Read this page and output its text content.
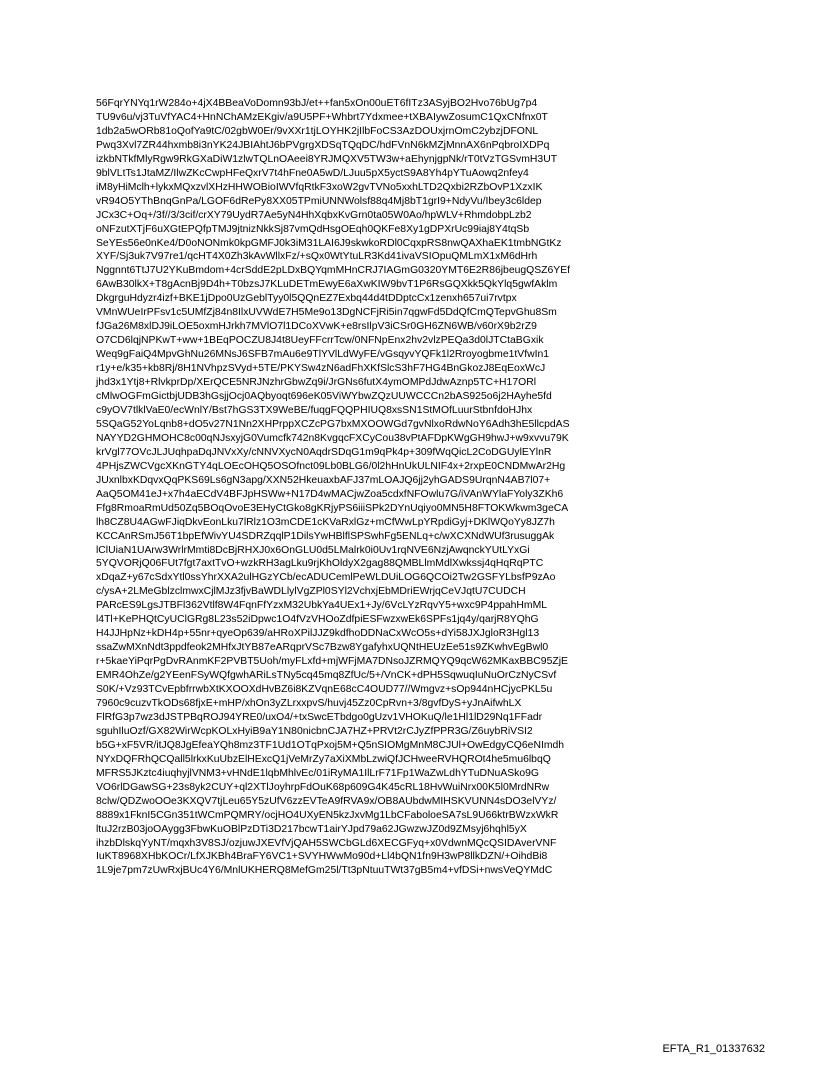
56FqrYNYq1rW284o+4jX4BBeaVoDomn93bJ/et++fan5xOn00uET6fITz3ASyjBO2Hvo76bUg7p4
TU9v6u/vj3TuVfYAC4+HnNChAMzEKgiv/a9U5PF+Whbrt7Ydxmee+tXBAIywZosumC1QxCNfnx0T
1db2a5wORb81oQofYa9tC/02gbW0Er/9vXXr1tjLOYHK2jIlbFoCS3AzDOUxjrnOmC2ybzjDFONL
Pwq3Xvl7ZR44hxmb8i3nYK24JBIAhtJ6bPVgrgXDSqTQqDC/hdFVnN6kMZjMnnAX6nPqbroIXDPq
izkbNTkfMlyRgw9RkGXaDiW1zlwTQLnOAeei8YRJMQXV5TW3w+aEhynjgpNk/rT0tVzTGSvmH3UT
9blVLtTs1JtaMZ/IlwZKcCwpHFeQxrV7t4hFne0A5wD/LJuu5pX5yctS9A8Yh4pYTuAowq2nfey4
iM8yHiMclh+lykxMQxzvlXHzHHWOBioIWVfqRtkF3xoW2gvTVNo5xxhLTD2Qxbi2RZbOvP1XzxIK
vR94O5YThBnqGnPa/LGOF6dRePy8XX05TPmiUNNWolsf88q4Mj8bT1grI9+NdyVu/Ibey3c6ldep
JCx3C+Oq+/3f//3/3cif/crXY79UydR7Ae5yN4HhXqbxKvGrn0ta05W0Ao/hpWLV+RhmdobpLzb2
oNFzutXTjF6uXGtEPQfpTMJ9jtnizNkkSj87vmQdHsgOEqh0QKFe8Xy1gDPXrUc99iaj8Y4tqSb
SeYEs56e0nKe4/D0oNONmk0kpGMFJ0k3iM31LAI6J9skwkoRDl0CqxpRS8nwQAXhaEK1tmbNGtKz
XYF/Sj3uk7V97re1/qcHT4X0Zh3kAvWllxFz/+sQx0WtYtuLR3Kd41ivaVSIOpuQMLmX1xM6dHrh
Nggnnt6TtJ7U2YKuBmdom+4crSddE2pLDxBQYqmMHnCRJ7IAGmG0320YMT6E2R86jbeugQSZ6YEf
6AwB30lkX+T8gAcnBj9D4h+T0bzsJ7KLuDETmEwyE6aXwKIW9bvT1P6RsGQXkk5QkYlq5gwfAklm
DkgrguHdyzr4izf+BKE1jDpo0UzGeblTyy0l5QQnEZ7Exbq44d4tDDptcCx1zenxh657ui7rvtpx
VMnWUeIrPFsv1c5UMfZj84n8IlxUVWdE7H5Me9o13DgNCFjRi5in7qgwFd5DdQfCmQTepvGhu8Sm
fJGa26M8xlDJ9iLOE5oxmHJrkh7MVlO7l1DCoXVwK+e8rsIlpV3iCSr0GH6ZN6WB/v60rX9b2rZ9
O7CD6lqjNPKwT+ww+1BEqPOCZU8J4t8UeyFFcrrTcw/0NFNpEnx2hv2vlzPEQa3d0lJTCtaBGxik
Weq9gFaiQ4MpvGhNu26MNsJ6SFB7mAu6e9TlYVlLdWyFE/vGsqyvYQFk1l2Rroyogbme1tVfwIn1
r1y+e/k35+kb8Rj/8H1NVhpzSVyd+5TE/PKYSw4zN6adFhXKfSlcS3hF7HG4BnGkozJ8EqEoxWcJ
jhd3x1Ytj8+RlvkprDp/XErQCE5NRJNzhrGbwZq9i/JrGNs6futX4ymOMPdJdwAznp5TC+H17ORl
cMlwOGFmGictbjUDB3hGsjjOcj0AQbyoqt696eK05ViWYbwZQzUUWCCCn2bAS925o6j2HAyhe5fd
c9yOV7tlklVaE0/ecWnlY/Bst7hGS3TX9WeBE/fuqgFQQPHIUQ8xsSN1StMOfLuurStbnfdoHJhx
5SQaG52YoLqnb8+dO5v27N1Nn2XHPrppXCZcPG7bxMXOOWGd7gvNlxoRdwNoY6Adh3hE5llcpdAS
NAYYD2GHMOHC8c00qNJsxyjG0Vumcfk742n8KvgqcFXCyCou38vPtAFDpKWgGH9hwJ+w9xvvu79K
krVgl77OVcJLJUqhpaDqJNVxXy/cNNVXycN0AqdrSDqG1m9qPk4p+309fWqQicL2CoDGUylEYlnR
4PHjsZWCVgcXKnGTY4qLOEcOHQ5OSOfnct09Lb0BLG6/0l2hHnUkULNIF4x+2rxpE0CNDMwAr2Hg
JUxnlbxKDqvxQqPKS69Ls6gN3apg/XXN52HkeuaxbAFJ37mLOAJQ6jj2yhGADS9UrqnN4AB7l07+
AaQ5OM41eJ+x7h4aECdV4BFJpHSWw+N17D4wMACjwZoa5cdxfNFOwlu7G/iVAnWYlaFYoly3ZKh6
Ffg8RmoaRmUd50Zq5BOqOvoE3EHyCtGko8gKRjyPS6iiiSPk2DYnUqiyo0MN5H8FTOKWkwm3geCA
lh8CZ8U4AGwFJiqDkvEonLku7lRlz1O3mCDE1cKVaRxlGz+mCfWwLpYRpdiGyj+DKlWQoYy8JZ7h
KCCAnRSmJ56T1bpEfWivYU4SDRZqqlP1DilsYwHBlflSPSwhFg5ENLq+c/wXCXNdWUf3rusuggAk
lClUiaN1UArw3WrlrMmti8DcBjRHXJ0x6OnGLU0d5LMalrk0i0Uv1rqNVE6NzjAwqnckYUtLYxGi
5YQVORjQ06FUt7fgt7axtTvO+wzkRH3agLku9rjKhOldyX2gag88QMBLlmMdlXwkssj4qHqRqPTC
xDqaZ+y67cSdxYtl0ssYhrXXA2ulHGzYCb/ecADUCemlPeWLDUiLOG6QCOi2Tw2GSFYLbsfP9zAo
c/ysA+2LMeGblzclmwxCjlMJz3fjvBaWDLlylVgZPl0SYl2VchxjEbMDriEWrjqCeVJqtU7CUDCH
PARcES9LgsJTBFl362Vtlf8W4FqnFfYzxM32UbkYa4UEx1+Jy/6VcLYzRqvY5+wxc9P4ppahHmML
l4Tl+KePHQtCyUClGRg8L23s52iDpwc1O4fVzVHOoZdfpiESFwzxwEk6SPFs1jq4y/qarjR8YQhG
H4JJHpNz+kDH4p+55nr+qyeOp639/aHRoXPilJJZ9kdfhoDDNaCxWcO5s+dYi58JXJgloR3Hgl13
ssaZwMXnNdt3ppdfeok2MHfxJtYB87eARqprVSc7Bzw8YgafyhxUQNtHEUzEe51s9ZKwhvEgBwl0
r+5kaeYiPqrPgDvRAnmKF2PVBT5Uoh/myFLxfd+mjWFjMA7DNsoJZRMQYQ9qcW62MKaxBBC95ZjE
EMR4OhZe/g2YEenFSyWQfgwhARiLsTNy5cq45mq8ZfUc/5+/VnCK+dPH5SqwuqIuNuOrCzNyCSvf
S0K/+Vz93TCvEpbfrrwbXtKXOOXdHvBZ6i8KZVqnE68cC4OUD77//Wmgvz+sOp944nHCjycPKL5u
7960c9cuzvTkODs68fjxE+mHP/xhOn3yZLrxxpvS/huvj45Zz0CpRvn+3/8gvfDyS+yJnAifwhLX
FlRfG3p7wz3dJSTPBqROJ94YRE0/uxO4/+txSwcETbdgo0gUzv1VHOKuQ/le1Hl1lD29Nq1FFadr
sguhIluOzf/GX82WirWcpKOLxHyiB9aY1N80nicbnCJA7HZ+PRVt2rCJyZfPPR3G/Z6uybRiVSI2
b5G+xF5VR/itJQ8JgEfeaYQh8mz3TF1Ud1OTqPxoj5M+Q5nSIOMgMnM8CJUl+OwEdgyCQ6eNImdh
NYxDQFRhQCQall5lrkxKuUbzElHExcQ1jVeMrZy7aXiXMbLzwiQfJCHweeRVHQROt4he5mu6lbqQ
MFRS5JKztc4iuqhyjlVNM3+vHNdE1lqbMhlvEc/01iRyMA1IlLrF71Fp1WaZwLdhYTuDNuASko9G
VO6rlDGawSG+23s8yk2CUY+ql2XTlJoyhrpFdOuK68p609G4K45cRL18HvWuiNrx00K5l0MrdNRw
8clw/QDZwoOOe3KXQV7tjLeu65Y5zUfV6zzEVTeA9fRVA9x/OB8AUbdwMIHSKVUNN4sDO3elVYz/
8889x1FknI5CGn351tWCmPQMRY/ocjHO4UXyEN5kzJxvMg1LbCFaboloeSA7sL9U66ktrBWzxWkR
ltuJ2rzB03joOAygg3FbwKuOBlPzDTi3D217bcwT1airYJpd79a62JGwzwJZ0d9ZMsyj6hqhl5yX
ihzbDlskqYyNT/mqxh3V8SJ/ozjuwJXEVfVjQAH5SWCbGLd6XECGFyq+x0VdwnMQcQSIDAverVNF
IuKT8968XHbKOCr/LfXJKBh4BraFY6VC1+SVYHWwMo90d+Ll4bQN1fn9H3wP8llkDZN/+OihdBi8
1L9je7pm7zUwRxjBUc4Y6/MnlUKHERQ8MefGm25l/Tt3pNtuuTWt37gB5m4+vfDSi+nwsVeQYMdC
EFTA_R1_01337632
